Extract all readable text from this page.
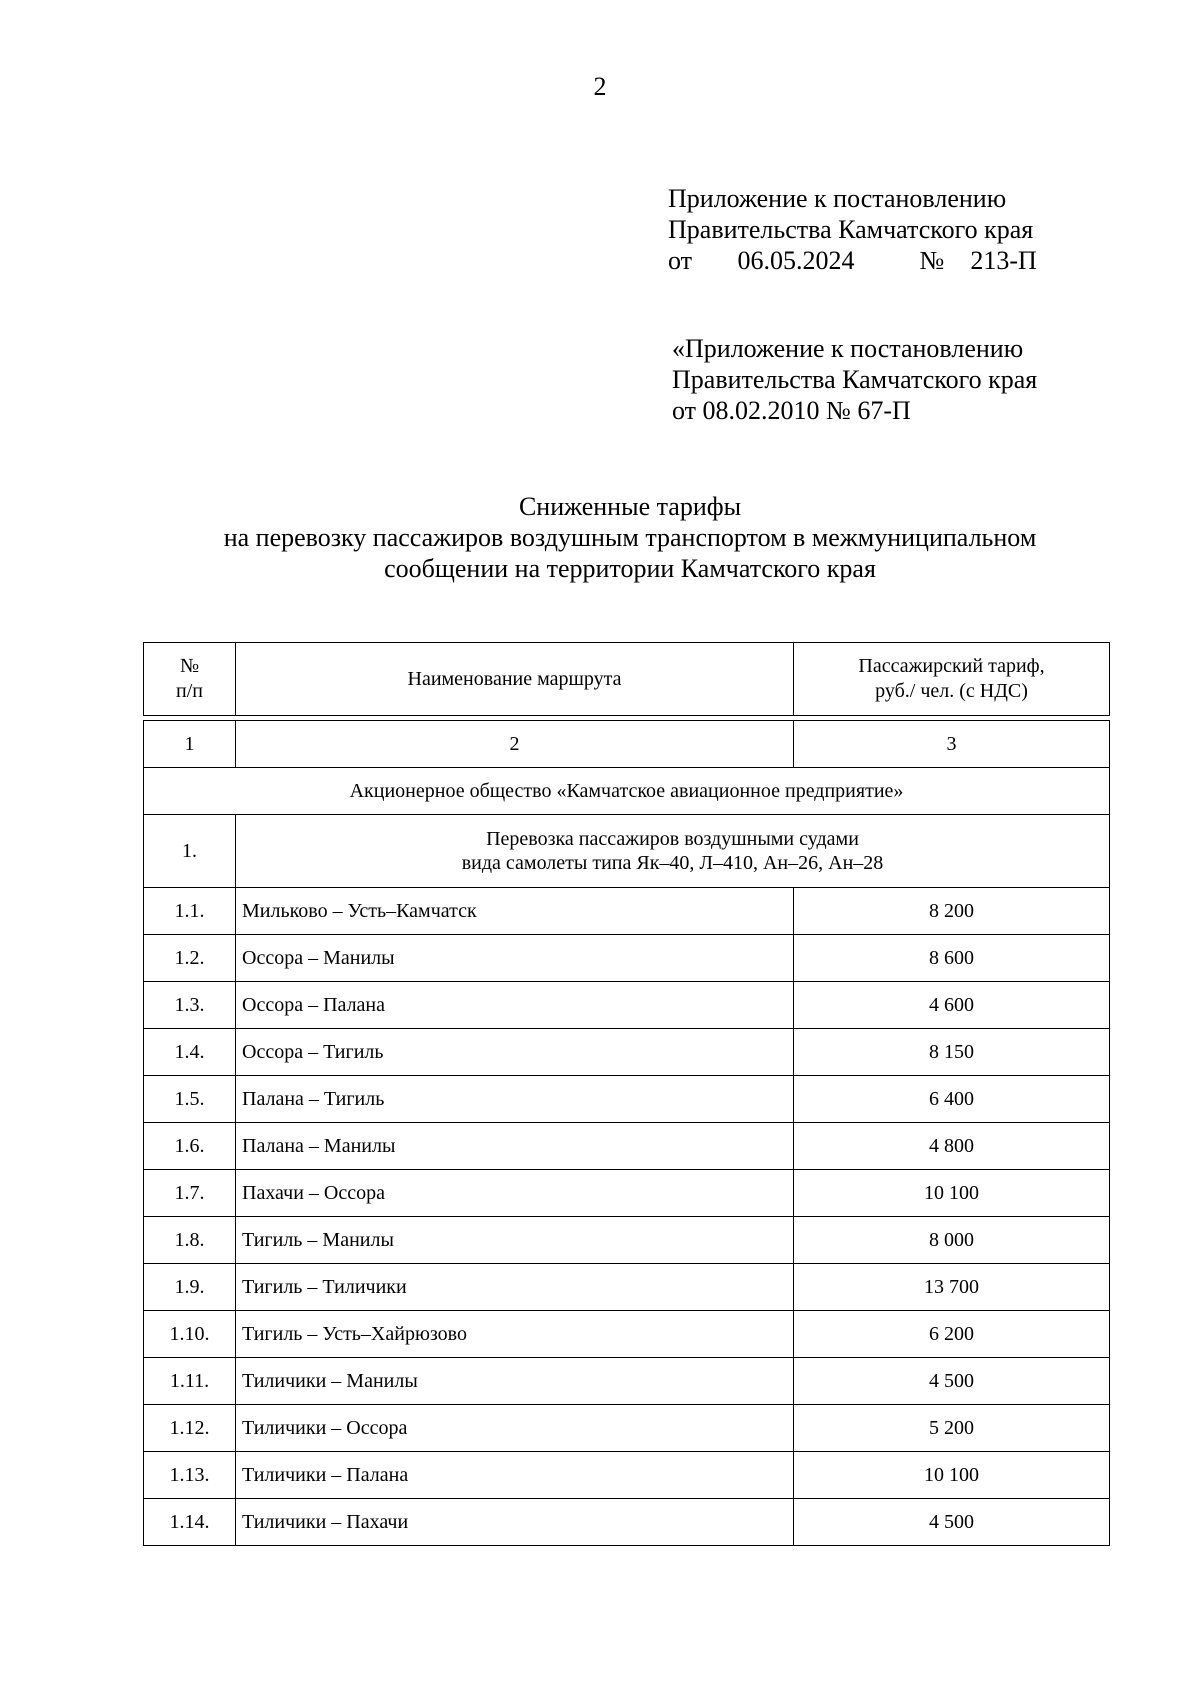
2
Приложение к постановлению
Правительства Камчатского края
от 06.05.2024	№ 213-П
«Приложение к постановлению
Правительства Камчатского края
от 08.02.2010 № 67-П
Сниженные тарифы
на перевозку пассажиров воздушным транспортом в межмуниципальном
сообщении на территории Камчатского края
№
п/п	Наименование маршрута	Пассажирский тариф,
руб./ чел. (с НДС)
1	2	3
Акционерное общество «Камчатское авиационное предприятие»		
1.	Перевозка пассажиров воздушными судами
вида самолеты типа Як–40, Л–410, Ан–26, Ан–28	
1.1.	Мильково – Усть–Камчатск	8 200
1.2.	Оссора – Манилы	8 600
1.3.	Оссора – Палана	4 600
1.4.	Оссора – Тигиль	8 150
1.5.	Палана – Тигиль	6 400
1.6.	Палана – Манилы	4 800
1.7.	Пахачи – Оссора	10 100
1.8.	Тигиль – Манилы	8 000
1.9.	Тигиль – Тиличики	13 700
1.10.	Тигиль – Усть–Хайрюзово	6 200
1.11.	Тиличики – Манилы	4 500
1.12.	Тиличики – Оссора	5 200
1.13.	Тиличики – Палана	10 100
1.14.	Тиличики – Пахачи	4 500
